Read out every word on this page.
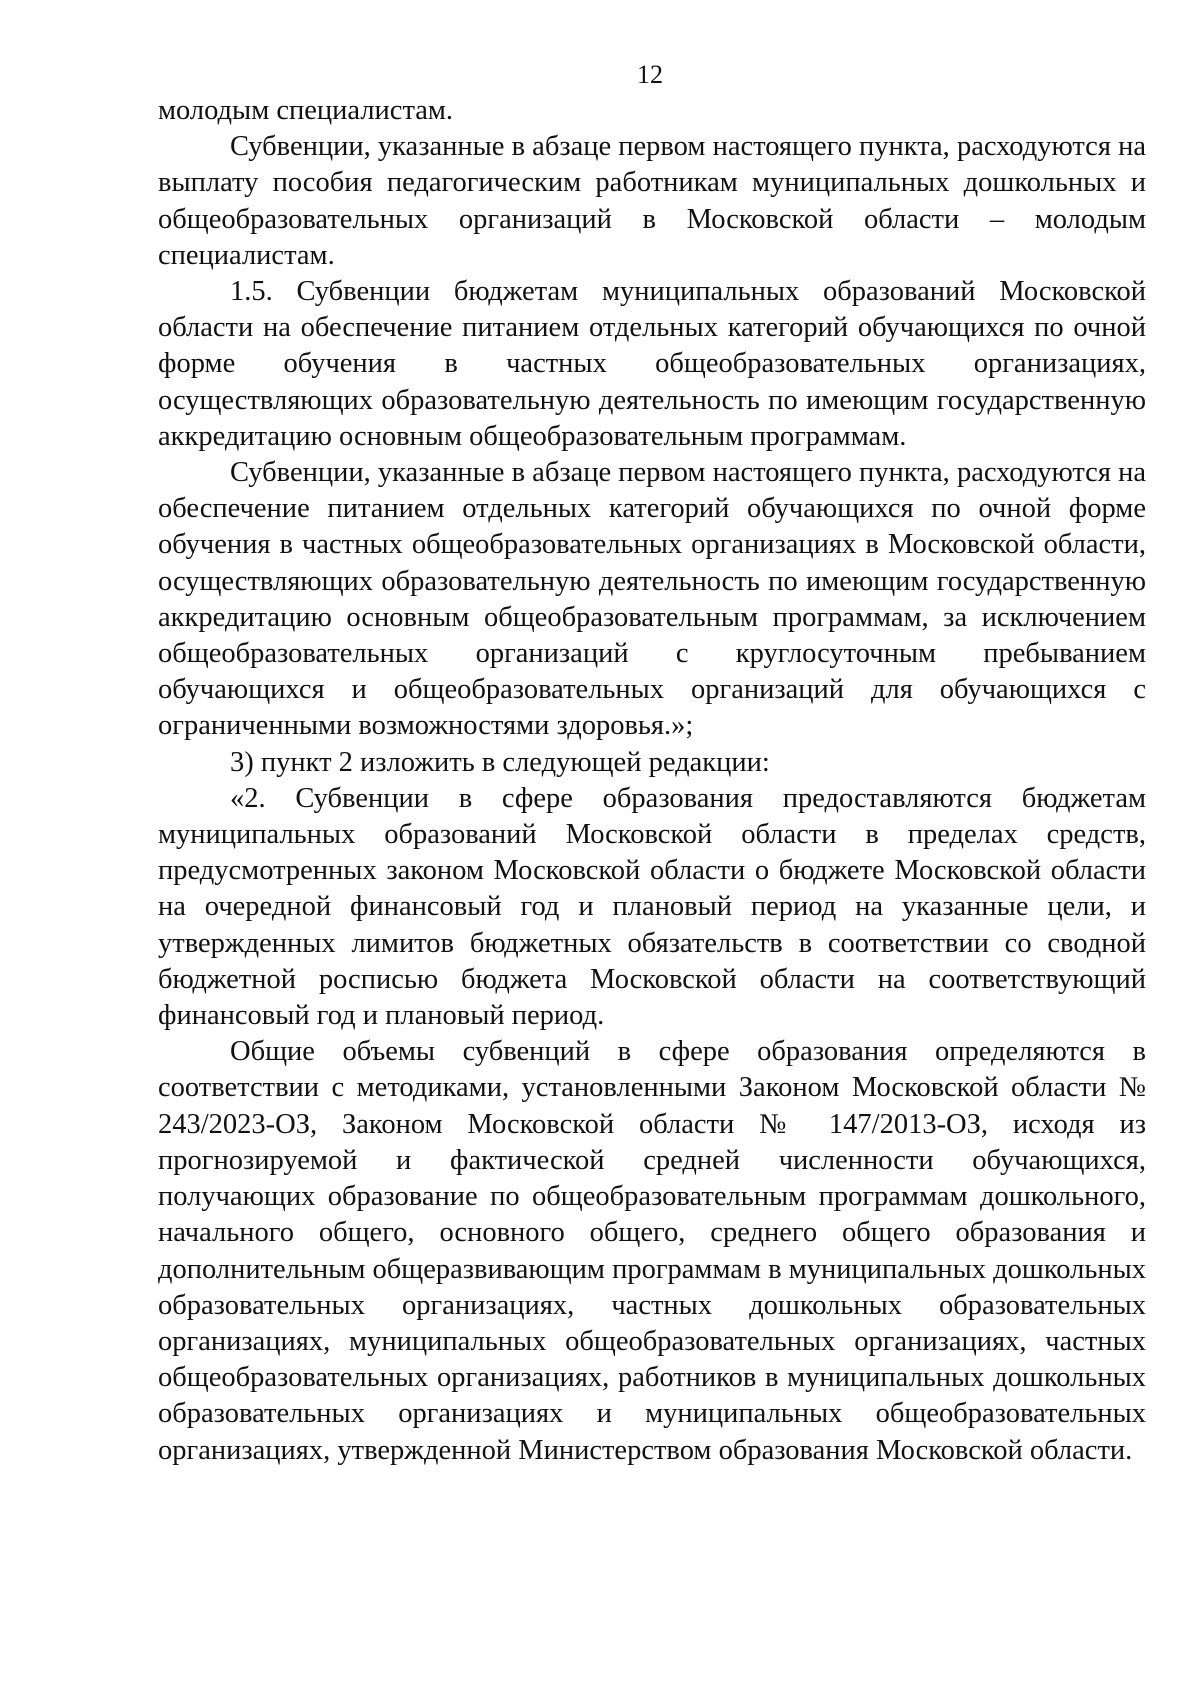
12

молодым специалистам.

Субвенции, указанные в абзаце первом настоящего пункта, расходуются на выплату пособия педагогическим работникам муниципальных дошкольных и общеобразовательных организаций в Московской области – молодым специалистам.

1.5. Субвенции бюджетам муниципальных образований Московской области на обеспечение питанием отдельных категорий обучающихся по очной форме обучения в частных общеобразовательных организациях, осуществляющих образовательную деятельность по имеющим государственную аккредитацию основным общеобразовательным программам.

Субвенции, указанные в абзаце первом настоящего пункта, расходуются на обеспечение питанием отдельных категорий обучающихся по очной форме обучения в частных общеобразовательных организациях в Московской области, осуществляющих образовательную деятельность по имеющим государственную аккредитацию основным общеобразовательным программам, за исключением общеобразовательных организаций с круглосуточным пребыванием обучающихся и общеобразовательных организаций для обучающихся с ограниченными возможностями здоровья.»;

3) пункт 2 изложить в следующей редакции:

«2. Субвенции в сфере образования предоставляются бюджетам муниципальных образований Московской области в пределах средств, предусмотренных законом Московской области о бюджете Московской области на очередной финансовый год и плановый период на указанные цели, и утвержденных лимитов бюджетных обязательств в соответствии со сводной бюджетной росписью бюджета Московской области на соответствующий финансовый год и плановый период.

Общие объемы субвенций в сфере образования определяются в соответствии с методиками, установленными Законом Московской области № 243/2023-ОЗ, Законом Московской области № 147/2013-ОЗ, исходя из прогнозируемой и фактической средней численности обучающихся, получающих образование по общеобразовательным программам дошкольного, начального общего, основного общего, среднего общего образования и дополнительным общеразвивающим программам в муниципальных дошкольных образовательных организациях, частных дошкольных образовательных организациях, муниципальных общеобразовательных организациях, частных общеобразовательных организациях, работников в муниципальных дошкольных образовательных организациях и муниципальных общеобразовательных организациях, утвержденной Министерством образования Московской области.
